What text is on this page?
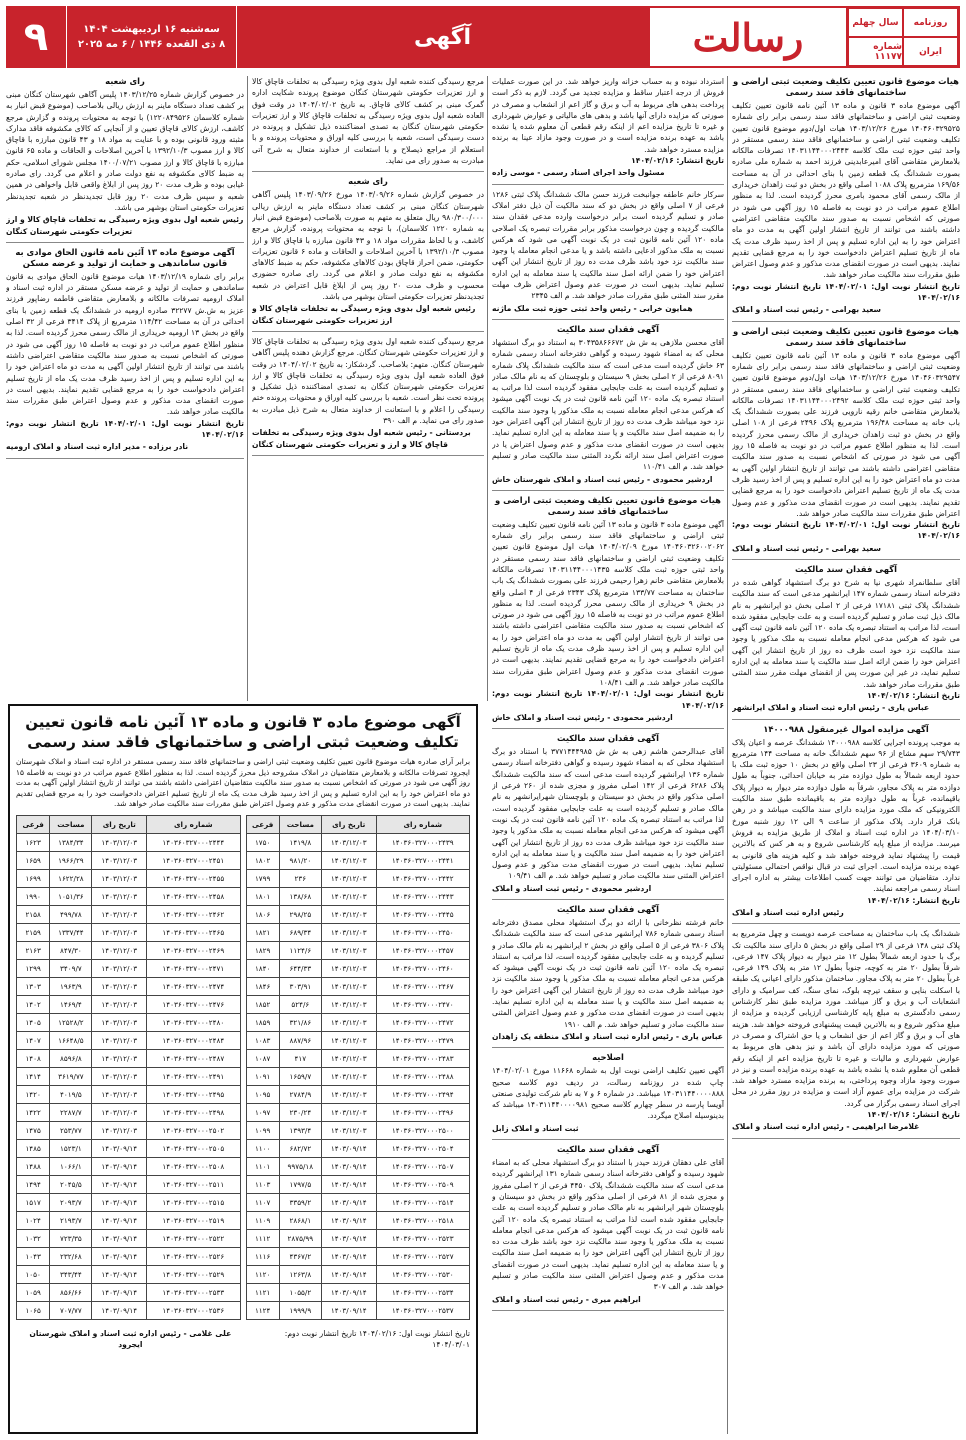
۹	سه‌شنبه ۱۶ اردیبهشت ۱۴۰۴
۸ ذی القعده ۱۴۴۶ / ۶ مه ۲۰۲۵	آگهی	رسالت	روزنامه
سال چهلم
ایران
شماره ۱۱۱۷۷
هیات موضوع قانون تعیین تکلیف وضعیت ثبتی اراضی و ساختمانهای فاقد سند رسمی

آگهی موضوع ماده ۳ قانون و ماده ۱۳ آئین نامه قانون تعیین تکلیف وضعیت ثبتی اراضی و ساختمانهای فاقد سند رسمی برابر رای شماره ۱۴۰۴۶۰۳۲۹۵۲۵ مورخ ۱۴۰۳/۱۲/۲۶ هیات اول/دوم موضوع قانون تعیین تکلیف وضعیت ثبتی اراضی و ساختمانهای فاقد سند رسمی مستقر در واحد ثبتی حوزه ثبت ملک کلاسه ۱۴۰۳۱۱۴۴۰۰۰۲۴۴۳ تصرفات مالکانه بلامعارض متقاضی آقای امیرعابدینی فرزند احمد به شماره ملی صادره بصورت ششدانگ یک قطعه زمین با بنای احداثی در آن به مساحت ۱۶۹/۵۶ مترمربع پلاک ۱۰۸۸ اصلی واقع در بخش دو ثبت زاهدان خریداری از مالک رسمی آقای محمود بامری محرز گردیده است. لذا به منظور اطلاع عموم مراتب در دو نوبت به فاصله ۱۵ روز آگهی می شود در صورتی که اشخاص نسبت به صدور سند مالکیت متقاضی اعتراضی داشته باشند می توانند از تاریخ انتشار اولین آگهی به مدت دو ماه اعتراض خود را به این اداره تسلیم و پس از اخذ رسید ظرف مدت یک ماه از تاریخ تسلیم اعتراض دادخواست خود را به مرجع قضایی تقدیم نمایند. بدیهی است در صورت انقضای مدت مذکور و عدم وصول اعتراض طبق مقررات سند مالکیت صادر خواهد شد.

تاریخ انتشار نوبت اول: ۱۴۰۴/۰۲/۰۱ تاریخ انتشار نوبت دوم: ۱۴۰۴/۰۲/۱۶

سعید بهرامی - رئیس ثبت اسناد و املاک

هیات موضوع قانون تعیین تکلیف وضعیت ثبتی اراضی و ساختمانهای فاقد سند رسمی

آگهی موضوع ماده ۳ قانون و ماده ۱۳ آئین نامه قانون تعیین تکلیف وضعیت ثبتی اراضی و ساختمانهای فاقد سند رسمی برابر رای شماره ۱۴۰۴۶۰۳۲۹۵۴۷ مورخ ۱۴۰۳/۱۲/۲۶ هیات اول/دوم موضوع قانون تعیین تکلیف وضعیت ثبتی اراضی و ساختمانهای فاقد سند رسمی مستقر در واحد ثبتی حوزه ثبت ملک کلاسه ۱۴۰۳۱۱۴۴۰۰۰۲۴۹۲ تصرفات مالکانه بلامعارض متقاضی خانم رقیه نارویی فرزند علی بصورت ششدانگ یک باب خانه به مساحت ۱۹۶/۴۸ مترمربع پلاک ۲۴۹۶ فرعی از ۱۰۸ اصلی واقع در بخش دو ثبت زاهدان خریداری از مالک رسمی محرز گردیده است. لذا به منظور اطلاع عموم مراتب در دو نوبت به فاصله ۱۵ روز آگهی می شود در صورتی که اشخاص نسبت به صدور سند مالکیت متقاضی اعتراضی داشته باشند می توانند از تاریخ انتشار اولین آگهی به مدت دو ماه اعتراض خود را به این اداره تسلیم و پس از اخذ رسید ظرف مدت یک ماه از تاریخ تسلیم اعتراض دادخواست خود را به مرجع قضایی تقدیم نمایند. بدیهی است در صورت انقضای مدت مذکور و عدم وصول اعتراض طبق مقررات سند مالکیت صادر خواهد شد.

تاریخ انتشار نوبت اول: ۱۴۰۴/۰۲/۰۱ تاریخ انتشار نوبت دوم: ۱۴۰۴/۰۲/۱۶

سعید بهرامی - رئیس ثبت اسناد و املاک

آگهی فقدان سند مالکیت

آقای سلطانمراد شهری نیا به شرح دو برگ استشهاد گواهی شده در دفترخانه اسناد رسمی شماره ۱۴۷ ایرانشهر مدعی است که سند مالکیت ششدانگ پلاک ثبتی ۱۷۱۸۱ فرعی از ۲ اصلی بخش دو ایرانشهر به نام مالک ذیل ثبت صادر و تسلیم گردیده است و به علت جابجایی مفقود شده است، لذا مراتب به استناد تبصره یک ماده ۱۲۰ آئین نامه قانون ثبت آگهی می شود که هرکس مدعی انجام معامله نسبت به ملک مذکور یا وجود سند مالکیت نزد خود است ظرف ده روز از تاریخ انتشار این آگهی اعتراض خود را ضمن ارائه اصل سند مالکیت یا سند معامله به این اداره تسلیم نماید، در غیر این صورت پس از انقضای مهلت مقرر سند المثنی طبق مقررات صادر خواهد شد.

تاریخ انتشار: ۱۴۰۴/۰۲/۱۶

عباس یاری - رئیس اداره ثبت اسناد و املاک ایرانشهر

آگهی مزایده اموال غیرمنقول ۱۴۰۰۰۹۸۸

به موجب پرونده اجرایی کلاسه ۱۴۰۰۰۹۸۸ ششدانگ عرصه و اعیان پلاک ۲۹/۷۴۳ سهم مشاع از ۹۶ سهم ششدانگ خانه به مساحت ۱۴۴ مترمربع به شماره ۳۶۰۹ فرعی از ۲۳ اصلی واقع در بخش ۱۰ حوزه ثبت ملک با حدود اربعه شمالاً به طول دوازده متر به خیابان احداثی، جنوباً به طول دوازده متر به پلاک مجاور، شرقاً به طول دوازده متر دیوار به دیوار پلاک باقیمانده، غرباً به طول دوازده متر به باقیمانده طبق سند مالکیت الکترونیکی که ملک مورد مزایده دارای سند مالکیت میباشد و در رهن بانک قرار دارد. پلاک مذکور از ساعت ۹ الی ۱۲ روز شنبه مورخ ۱۴۰۴/۰۳/۱۰ در اداره ثبت اسناد و املاک از طریق مزایده به فروش میرسد. مزایده از مبلغ پایه کارشناسی شروع و به هر کس که بالاترین قیمت را پیشنهاد نماید فروخته خواهد شد و کلیه هزینه های قانونی به عهده برنده مزایده است. اجرای ثبت در قبال نواقص احتمالی مسئولیتی ندارد. متقاضیان می توانند جهت کسب اطلاعات بیشتر به اداره اجرای اسناد رسمی مراجعه نمایند.

تاریخ انتشار: ۱۴۰۴/۰۲/۱۶

رئیس اداره ثبت اسناد و املاک

ششدانگ یک باب ساختمان به مساحت عرصه دویست و چهل مترمربع به پلاک ثبتی ۱۴۸ فرعی از ۲۹ اصلی واقع در بخش ۵ دارای سند مالکیت تک برگ با حدود اربعه شمالاً بطول ۱۲ متر دیوار به دیوار پلاک ۱۴۷ فرعی، شرقاً بطول ۲۰ متر به کوچه، جنوباً بطول ۱۲ متر به پلاک ۱۴۹ فرعی، غرباً بطول ۲۰ متر به پلاک مجاور. ساختمان مذکور دارای اعیانی یک طبقه با اسکلت بنایی و سقف تیرچه بلوک، نمای سنگ، کف سرامیک و دارای انشعابات آب و برق و گاز میباشد. مورد مزایده طبق نظر کارشناس رسمی دادگستری به مبلغ پایه کارشناسی ارزیابی گردیده و مزایده از مبلغ مذکور شروع و به بالاترین قیمت پیشنهادی فروخته خواهد شد. هزینه های آب و برق و گاز اعم از حق انشعاب و یا حق اشتراک و مصرف در صورتی که مورد مزایده دارای آن باشد و نیز بدهی های مربوط به عوارض شهرداری و مالیات و غیره تا تاریخ مزایده اعم از اینکه رقم قطعی آن معلوم شده یا نشده باشد به عهده برنده مزایده است و نیز در صورت وجود مازاد وجوه پرداختی، به برنده مزایده مسترد خواهد شد. شرکت در مزایده برای عموم آزاد است و مزایده در روز مقرر در محل اجرای اسناد رسمی برگزار می گردد.

تاریخ انتشار: ۱۴۰۴/۰۲/۱۶

غلامرضا ابراهیمی - رئیس اداره ثبت اسناد و املاک

استرداد نبوده و به حساب خزانه واریز خواهد شد. در این صورت عملیات فروش از درجه اعتبار ساقط و مزایده تجدید می گردد. لازم به ذکر است پرداخت بدهی های مربوط به آب و برق و گاز اعم از انشعاب و مصرف در صورتی که مزایده دارای آنها باشد و بدهی های مالیاتی و عوارض شهرداری و غیره تا تاریخ مزایده اعم از اینکه رقم قطعی آن معلوم شده یا نشده باشد به عهده برنده مزایده است و در صورت وجود مازاد عینا به برنده مزایده مسترد خواهد شد.

تاریخ انتشار: ۱۴۰۴/۰۲/۱۶

مسئول واحد اجرای اسناد رسمی - موسی زاده

سرکار خانم عاطفه جوانبخت فرزند حسن مالک ششدانگ پلاک ثبتی ۱۲۸۶ فرعی از ۷ اصلی واقع در بخش دو که سند مالکیت آن ذیل دفتر املاک صادر و تسلیم گردیده است برابر درخواست وارده مدعی فقدان سند مالکیت گردیده و چون درخواست مذکور برابر مقررات تبصره یک اصلاحی ماده ۱۲۰ آئین نامه قانون ثبت در یک نوبت آگهی می شود که هرکس نسبت به ملک مذکور ادعایی داشته باشد و یا مدعی انجام معامله یا وجود سند مالکیت نزد خود باشد ظرف مدت ده روز از تاریخ انتشار این آگهی اعتراض خود را ضمن ارائه اصل سند مالکیت یا سند معامله به این اداره تسلیم نماید. بدیهی است در صورت عدم وصول اعتراض ظرف مهلت مقرر سند المثنی طبق مقررات صادر خواهد شد. م الف ۲۳۴۵

همایون خرابی - رئیس واحد ثبتی حوزه ثبت ملک ماژنه

آگهی فقدان سند مالکیت

آقای محسن ملازهی به ش ش ۳۰۴۳۵۸۶۶۶۷۲ به استناد دو برگ استشهاد محلی که به امضاء شهود رسیده و گواهی دفترخانه اسناد رسمی شماره ۶۳ خاش گردیده است مدعی است که سند مالکیت ششدانگ پلاک شماره ۸۰۹۱ فرعی از ۲ اصلی بخش ۹ سیستان و بلوچستان که به نام مالک صادر و تسلیم گردیده است به علت جابجایی مفقود گردیده است لذا مراتب به استناد تبصره یک ماده ۱۲۰ آئین نامه قانون ثبت در یک نوبت آگهی میشود که هرکس مدعی انجام معامله نسبت به ملک مذکور یا وجود سند مالکیت نزد خود میباشد ظرف مدت ده روز از تاریخ انتشار این آگهی اعتراض خود را به ضمیمه اصل سند مالکیت و یا سند معامله به این اداره تسلیم نماید. بدیهی است در صورت انقضای مدت مذکور و عدم وصول اعتراض یا در صورت اعتراض اصل سند ارائه نگردد المثنی سند مالکیت صادر و تسلیم خواهد شد. م الف ۱۱۰/۴۱

اردشیر محمودی - رئیس ثبت اسناد و املاک شهرستان خاش

هیات موضوع قانون تعیین تکلیف وضعیت ثبتی اراضی و ساختمانهای فاقد سند رسمی

آگهی موضوع ماده ۳ قانون و ماده ۱۳ آئین نامه قانون تعیین تکلیف وضعیت ثبتی اراضی و ساختمانهای فاقد سند رسمی برابر رای شماره ۱۴۰۴۶۰۳۲۶۰۰۲۰۶۲ مورخ ۱۴۰۴/۰۲/۰۹ هیات اول موضوع قانون تعیین تکلیف وضعیت ثبتی اراضی و ساختمانهای فاقد سند رسمی مستقر در واحد ثبتی حوزه ثبت ملک کلاسه ۱۴۰۳۱۱۴۴۰۰۰۱۴۳۵ تصرفات مالکانه بلامعارض متقاضی خانم زهرا رحیمی فرزند علی بصورت ششدانگ یک باب ساختمان به مساحت ۱۳۳/۷۷ مترمربع پلاک ۲۳۴۳ فرعی از ۴ اصلی واقع در بخش ۹ خریداری از مالک رسمی محرز گردیده است. لذا به منظور اطلاع عموم مراتب در دو نوبت به فاصله ۱۵ روز آگهی می شود در صورتی که اشخاص نسبت به صدور سند مالکیت متقاضی اعتراضی داشته باشند می توانند از تاریخ انتشار اولین آگهی به مدت دو ماه اعتراض خود را به این اداره تسلیم و پس از اخذ رسید ظرف مدت یک ماه از تاریخ تسلیم اعتراض دادخواست خود را به مرجع قضایی تقدیم نمایند. بدیهی است در صورت انقضای مدت مذکور و عدم وصول اعتراض طبق مقررات سند مالکیت صادر خواهد شد. م الف ۱۰۸/۴۱

تاریخ انتشار نوبت اول: ۱۴۰۴/۰۲/۰۱ تاریخ انتشار نوبت دوم: ۱۴۰۴/۰۲/۱۶

اردشیر محمودی - رئیس ثبت اسناد و املاک خاش

آگهی فقدان سند مالکیت

آقای عبدالرحمن هاشم زهی به ش ش ۳۷۷۱۴۴۴۹۸۵ با استناد دو برگ استشهاد محلی که به امضاء شهود رسیده و گواهی دفترخانه اسناد رسمی شماره ۱۳۶ ایرانشهر گردیده است مدعی است که سند مالکیت ششدانگ پلاک ۶۲۸۶ فرعی از ۱۴۲ اصلی مفروز و مجزی شده از ۲۶۰ فرعی از اصلی مذکور واقع در بخش دو سیستان و بلوچستان شهرایرانشهر به نام مالک صادر و تسلیم گردیده است به علت جابجایی مفقود گردیده است، لذا مراتب به استناد تبصره یک ماده ۱۲۰ آئین نامه قانون ثبت در یک نوبت آگهی میشود که هرکس مدعی انجام معامله نسبت به ملک مذکور یا وجود سند مالکیت نزد خود میباشد ظرف مدت ده روز از تاریخ انتشار این آگهی اعتراض خود را به ضمیمه اصل سند مالکیت و یا سند معامله به این اداره تسلیم نماید. بدیهی است در صورت انقضای مدت مذکور و عدم وصول اعتراض المثنی سند مالکیت صادر و تسلیم خواهد شد. م الف ۱۰۹/۴۱

اردشیر محمودی - رئیس ثبت اسناد و املاک

آگهی فقدان سند مالکیت

خانم فرشته نظرخانی با ارائه دو برگ استشهاد محلی مصدق دفترخانه اسناد رسمی شماره ۷۸۶ ایرانشهر مدعی است که سند مالکیت ششدانگ پلاک ۳۸۰۶ فرعی از ۵ اصلی واقع در بخش ۲ ایرانشهر به نام مالک صادر و تسلیم گردیده و به علت جابجایی مفقود گردیده است، لذا مراتب به استناد تبصره یک ماده ۱۲۰ آئین نامه قانون ثبت در یک نوبت آگهی میشود که هرکس مدعی انجام معامله نسبت به ملک مذکور یا وجود سند مالکیت نزد خود میباشد ظرف مدت ده روز از تاریخ انتشار این آگهی اعتراض خود را به ضمیمه اصل سند مالکیت و یا سند معامله به این اداره تسلیم نماید. بدیهی است در صورت انقضای مدت مذکور و عدم وصول اعتراض المثنی سند مالکیت صادر و تسلیم خواهد شد. م الف ۱۹۱۰

عباس یاری - رئیس اداره ثبت اسناد و املاک منطقه یک زاهدان

اصلاحیه

آگهی تعیین تکلیف اراضی نوبت اول به شماره ۱۱۶۶۸ مورخ ۱۴۰۴/۰۲/۰۱ چاپ شده در روزنامه رسالت، در ردیف دوم کلاسه صحیح ۱۴۰۳۱۱۴۴۰۰۰۰۸۸۸ میباشد. در شماره ۶ و ۷ به نام شرکت تولیدی صنعتی آویسا پارسه در سطر چهارم کلاسه صحیح ۱۴۰۳۱۱۴۴۰۰۰۰۹۸۱ میباشد که بدینوسیله اصلاح میگردد.

ثبت اسناد و املاک زابل

آگهی فقدان سند مالکیت

آقای علی دهقان فرزند حیدر با استناد دو برگ استشهاد محلی که به امضاء شهود رسیده و گواهی دفترخانه اسناد رسمی شماره ۱۳۱ ایرانشهر گردیده مدعی است که سند مالکیت ششدانگ پلاک ۴۴۵۰ فرعی از ۲ اصلی مفروز و مجزی شده از ۸۱ فرعی از اصلی مذکور واقع در بخش دو سیستان و بلوچستان شهر ایرانشهر به نام مالک صادر و تسلیم گردیده است به علت جابجایی مفقود شده است لذا مراتب به استناد تبصره یک ماده ۱۲۰ آئین نامه قانون ثبت در یک نوبت آگهی میشود که هرکس مدعی انجام معامله نسبت به ملک مذکور یا وجود سند مالکیت نزد خود باشد ظرف مدت ده روز از تاریخ انتشار این آگهی اعتراض خود را به ضمیمه اصل سند مالکیت و یا سند معامله به این اداره تسلیم نماید. بدیهی است در صورت انقضای مدت مذکور و عدم وصول اعتراض المثنی سند مالکیت صادر و تسلیم خواهد شد. م الف ۳۰۷

ابراهیم میری - رئیس ثبت اسناد و املاک

مرجع رسیدگی کننده شعبه اول بدوی ویژه رسیدگی به تخلفات قاچاق کالا و ارز تعزیرات حکومتی شهرستان کنگان موضوع پرونده شکایت اداره گمرک مبنی بر کشف کالای قاچاق. به تاریخ ۱۴۰۴/۰۲/۰۲ در وقت فوق العاده شعبه اول بدوی ویژه رسیدگی به تخلفات قاچاق کالا و ارز تعزیرات حکومتی شهرستان کنگان به تصدی امضاکننده ذیل تشکیل و پرونده در دست رسیدگی است، شعبه با بررسی کلیه اوراق و محتویات پرونده و با استعلام از مراجع ذیصلاح و با استعانت از خداوند متعال به شرح آتی مبادرت به صدور رای می نماید.

رای شعبه

در خصوص گزارش شماره ۱۴۰۳/۰۹/۲۶ مورخ ۱۴۰۳/۰۹/۲۶ پلیس آگاهی شهرستان کنگان مبنی بر کشف تعداد دستگاه ماینر به ارزش ریالی ۹۸۰/۳۰۰/۰۰۰ ریال متعلق به متهم به صورت بلاصاحب (موضوع قبض انبار به شماره ۱۲۲۰ کلاسمان)، با توجه به محتویات پرونده، گزارش مرجع کاشف، و با لحاظ مقررات مواد ۱۸ و ۴۳ قانون مبارزه با قاچاق کالا و ارز مصوب ۱۳۹۲/۱۰/۳ با آخرین اصلاحات و الحاقات و ماده ۶ قانون تعزیرات حکومتی، ضمن احراز قاچاق بودن کالاهای مکشوفه، حکم به ضبط کالاهای مکشوفه به نفع دولت صادر و اعلام می گردد. رای صادره حضوری محسوب و ظرف مدت ۲۰ روز پس از ابلاغ قابل اعتراض در شعبه تجدیدنظر تعزیرات حکومتی استان بوشهر می باشد.

رئیس شعبه اول بدوی ویژه رسیدگی به تخلفات قاچاق کالا و ارز تعزیرات حکومتی شهرستان کنگان

مرجع رسیدگی کننده شعبه اول بدوی ویژه رسیدگی به تخلفات قاچاق کالا و ارز تعزیرات حکومتی شهرستان کنگان. مرجع گزارش دهنده پلیس آگاهی شهرستان کنگان. متهم: بلاصاحب. گردشکار: به تاریخ ۱۴۰۴/۰۲/۰۲ در وقت فوق العاده شعبه اول بدوی ویژه رسیدگی به تخلفات قاچاق کالا و ارز تعزیرات حکومتی شهرستان کنگان به تصدی امضاکننده ذیل تشکیل و پرونده تحت نظر است. شعبه با بررسی کلیه اوراق و محتویات پرونده ختم رسیدگی را اعلام و با استعانت از خداوند متعال به شرح ذیل مبادرت به صدور رای می نماید. م الف ۳۹۰

بردستانی - رئیس شعبه اول بدوی ویژه رسیدگی به تخلفات قاچاق کالا و ارز و تعزیرات حکومتی شهرستان کنگان

رای شعبه

در خصوص گزارش شماره ۱۴۰۳/۱۲/۲۵ پلیس آگاهی شهرستان کنگان مبنی بر کشف تعداد دستگاه ماینر به ارزش ریالی بلاصاحب (موضوع قبض انبار به شماره کلاسمان ۱۲۲۰۸۴۹۵۲۶) با توجه به محتویات پرونده و گزارش مرجع کاشف، ارزش کالای قاچاق تعیین و از آنجایی که کالای مکشوفه فاقد مدارک مثبته ورود قانونی بوده و با عنایت به مواد ۱۸ و ۴۳ قانون مبارزه با قاچاق کالا و ارز مصوب ۱۳۹۲/۱۰/۳ با آخرین اصلاحات و الحاقات و ماده ۶۵ قانون مبارزه با قاچاق کالا و ارز مصوب ۱۴۰۰/۰۷/۲۱ مجلس شورای اسلامی، حکم به ضبط کالای مکشوفه به نفع دولت صادر و اعلام می گردد. رای صادره غیابی بوده و ظرف مدت ۲۰ روز پس از ابلاغ واقعی قابل واخواهی در همین شعبه و سپس ظرف مدت ۲۰ روز قابل تجدیدنظر در شعبه تجدیدنظر تعزیرات حکومتی استان بوشهر می باشد.

رئیس شعبه اول بدوی ویژه رسیدگی به تخلفات قاچاق کالا و ارز تعزیرات حکومتی شهرستان کنگان

آگهی موضوع ماده ۱۳ آئین نامه قانون الحاق موادی به قانون ساماندهی و حمایت از تولید و عرضه مسکن

برابر رای شماره ۱۴۰۳/۱۲/۱۹ هیات موضوع قانون الحاق موادی به قانون ساماندهی و حمایت از تولید و عرضه مسکن مستقر در اداره ثبت اسناد و املاک ارومیه تصرفات مالکانه و بلامعارض متقاضی فاطمه رضاپور فرزند عزیز به ش.ش ۳۲۲۷۷ صادره ارومیه در ششدانگ یک قطعه زمین با بنای احداثی در آن به مساحت ۱۱۴/۴۲ مترمربع از پلاک ۳۴۱۴ فرعی از ۳۲ اصلی واقع در بخش ۱۳ ارومیه خریداری از مالک رسمی محرز گردیده است. لذا به منظور اطلاع عموم مراتب در دو نوبت به فاصله ۱۵ روز آگهی می شود در صورتی که اشخاص نسبت به صدور سند مالکیت متقاضی اعتراضی داشته باشند می توانند از تاریخ انتشار اولین آگهی به مدت دو ماه اعتراض خود را به این اداره تسلیم و پس از اخذ رسید ظرف مدت یک ماه از تاریخ تسلیم اعتراض دادخواست خود را به مرجع قضایی تقدیم نمایند. بدیهی است در صورت انقضای مدت مذکور و عدم وصول اعتراض طبق مقررات سند مالکیت صادر خواهد شد.

تاریخ انتشار نوبت اول: ۱۴۰۴/۰۲/۰۱ تاریخ انتشار نوبت دوم: ۱۴۰۴/۰۲/۱۶

نادر برزاده - مدیر اداره ثبت اسناد و املاک ارومیه

آگهی موضوع ماده ۳ قانون و ماده ۱۳ آئین نامه قانون تعیین تکلیف وضعیت ثبتی اراضی و ساختمانهای فاقد سند رسمی

برابر آرای صادره هیات موضوع قانون تعیین تکلیف وضعیت ثبتی اراضی و ساختمانهای فاقد سند رسمی مستقر در اداره ثبت اسناد و املاک شهرستان ایجرود تصرفات مالکانه و بلامعارض متقاضیان در املاک مشروحه ذیل محرز گردیده است. لذا به منظور اطلاع عموم مراتب در دو نوبت به فاصله ۱۵ روز آگهی می شود در صورتی که اشخاص نسبت به صدور سند مالکیت متقاضیان اعتراضی داشته باشند می توانند از تاریخ انتشار اولین آگهی به مدت دو ماه اعتراض خود را به این اداره تسلیم و پس از اخذ رسید ظرف مدت یک ماه از تاریخ تسلیم اعتراض دادخواست خود را به مرجع قضایی تقدیم نمایند. بدیهی است در صورت انقضای مدت مذکور و عدم وصول اعتراض طبق مقررات سند مالکیت صادر خواهد شد.

شماره رای	تاریخ رای	مساحت	فرعی		شماره رای	تاریخ رای	مساحت	فرعی
۱۴۰۳۶۰۳۲۷۰۰۰۲۴۳۹	۱۴۰۳/۱۲/۰۳	۱۴۱۹/۸	۱۷۵۰		۱۴۰۳۶۰۳۲۷۰۰۰۲۴۴۴	۱۴۰۳/۱۲/۰۳	۱۳۸۴/۳۴	۱۶۲۳
۱۴۰۳۶۰۳۲۷۰۰۰۲۴۴۱	۱۴۰۳/۱۲/۰۳	۹۸۱/۲۰	۱۸۰۲		۱۴۰۳۶۰۳۲۷۰۰۰۲۴۵۱	۱۴۰۳/۱۲/۰۳	۱۹۶۶/۲۹	۱۶۵۹
۱۴۰۳۶۰۳۲۷۰۰۰۲۴۴۲	۱۴۰۳/۱۲/۰۳	۲۳۶	۱۷۹۹		۱۴۰۳۶۰۳۲۷۰۰۰۲۴۵۵	۱۴۰۳/۱۲/۰۳	۱۶۲۲/۲۸	۱۶۹۹
۱۴۰۳۶۰۳۲۷۰۰۰۲۴۴۳	۱۴۰۳/۱۲/۰۳	۱۳۸/۶۸	۱۸۰۱		۱۴۰۳۶۰۳۲۷۰۰۰۲۴۵۸	۱۴۰۳/۱۲/۰۳	۱۰۵۱/۳۶	۱۹۹۰
۱۴۰۳۶۰۳۲۷۰۰۰۲۴۴۵	۱۴۰۳/۱۲/۰۳	۲۹۸/۲۵	۱۸۰۶		۱۴۰۳۶۰۳۲۷۰۰۰۲۴۶۲	۱۴۰۳/۱۲/۰۳	۴۹۹/۷۸	۲۱۵۸
۱۴۰۳۶۰۳۲۷۰۰۰۲۴۵۰	۱۴۰۳/۱۲/۰۳	۶۸۹/۳۴	۱۸۲۱		۱۴۰۳۶۰۳۲۷۰۰۰۲۴۶۵	۱۴۰۳/۱۲/۰۳	۱۳۳۷/۴۴	۲۱۵۹
۱۴۰۳۶۰۳۲۷۰۰۰۲۴۵۷	۱۴۰۳/۱۲/۰۳	۱۱۲۴/۶	۱۸۲۹		۱۴۰۳۶۰۳۲۷۰۰۰۲۴۶۹	۱۴۰۳/۱۲/۰۳	۸۴۷/۳۰	۲۱۶۳
۱۴۰۳۶۰۳۲۷۰۰۰۲۴۶۰	۱۴۰۳/۱۲/۰۳	۶۴۴/۳۳	۱۸۴۰		۱۴۰۳۶۰۳۲۷۰۰۰۲۴۷۱	۱۴۰۳/۱۲/۰۳	۳۴۰۹/۷	۱۲۹۹
۱۴۰۳۶۰۳۲۷۰۰۰۲۴۶۷	۱۴۰۳/۱۲/۰۳	۳۰۳/۹۱	۱۸۴۶		۱۴۰۳۶۰۳۲۷۰۰۰۲۴۷۴	۱۴۰۳/۱۲/۰۳	۱۹۶۳/۹	۱۳۰۳
۱۴۰۳۶۰۳۲۷۰۰۰۲۴۷۰	۱۴۰۳/۱۲/۰۳	۵۲۴/۶	۱۸۵۲		۱۴۰۳۶۰۳۲۷۰۰۰۲۴۷۶	۱۴۰۳/۱۲/۰۳	۱۴۶۹/۴	۱۴۰۲
۱۴۰۳۶۰۳۲۷۰۰۰۲۴۷۲	۱۴۰۳/۱۲/۰۳	۳۲۱/۸۶	۱۸۵۹		۱۴۰۳۶۰۳۲۷۰۰۰۲۴۸۰	۱۴۰۳/۱۲/۰۳	۱۲۵۲۸/۲	۱۴۰۵
۱۴۰۳۶۰۳۲۷۰۰۰۲۴۷۹	۱۴۰۳/۱۲/۰۳	۸۸۷/۹۶	۱۰۸۳		۱۴۰۳۶۰۳۲۷۰۰۰۲۴۸۴	۱۴۰۳/۱۲/۰۳	۱۶۶۴۸/۵	۱۴۰۷
۱۴۰۳۶۰۳۲۷۰۰۰۲۴۸۳	۱۴۰۳/۱۲/۰۳	۴۱۷	۱۰۸۷		۱۴۰۳۶۰۳۲۷۰۰۰۲۴۸۷	۱۴۰۳/۱۲/۰۳	۸۵۹۶/۸	۱۴۰۸
۱۴۰۳۶۰۳۲۷۰۰۰۲۴۸۸	۱۴۰۳/۱۲/۰۳	۱۶۵۹/۷	۱۰۹۱		۱۴۰۳۶۰۳۲۷۰۰۰۲۴۹۱	۱۴۰۳/۱۲/۰۳	۳۶۱۹/۷۷	۱۴۱۴
۱۴۰۳۶۰۳۲۷۰۰۰۲۴۹۴	۱۴۰۳/۱۲/۰۳	۲۷۸۴/۹	۱۰۹۵		۱۴۰۳۶۰۳۲۷۰۰۰۲۴۹۵	۱۴۰۳/۱۲/۰۳	۴۰۱۹/۵	۱۴۲۰
۱۴۰۳۶۰۳۲۷۰۰۰۲۴۹۶	۱۴۰۳/۱۲/۰۳	۲۳۰/۲۴	۱۰۹۷		۱۴۰۳۶۰۳۲۷۰۰۰۲۴۹۸	۱۴۰۳/۱۲/۰۳	۲۲۸۷/۷	۱۴۲۲
۱۴۰۳۶۰۳۲۷۰۰۰۲۵۰۰	۱۴۰۳/۱۲/۰۳	۱۳۹۳/۴	۱۰۹۹		۱۴۰۳۶۰۳۲۷۰۰۰۲۵۰۲	۱۴۰۳/۱۲/۰۳	۲۵۳/۷۷	۱۴۷۵
۱۴۰۳۶۰۳۲۷۰۰۰۲۵۰۴	۱۴۰۳/۰۹/۱۴	۶۸۲/۷۲	۱۱۰۰		۱۴۰۳۶۰۳۲۷۰۰۰۲۵۰۵	۱۴۰۳/۰۹/۱۴	۱۵۲۳/۱	۱۴۸۵
۱۴۰۳۶۰۳۲۷۰۰۰۲۵۰۷	۱۴۰۳/۰۹/۱۴	۹۹۷۵/۱۸	۱۱۰۱		۱۴۰۳۶۰۳۲۷۰۰۰۲۵۰۸	۱۴۰۳/۰۹/۱۴	۱۰۶۶/۱	۱۴۸۸
۱۴۰۳۶۰۳۲۷۰۰۰۲۵۰۹	۱۴۰۳/۰۹/۱۴	۱۷۹۷/۵	۱۱۰۳		۱۴۰۳۶۰۳۲۷۰۰۰۲۵۱۱	۱۴۰۳/۰۹/۱۴	۲۰۴۵/۵	۱۴۹۴
۱۴۰۳۶۰۳۲۷۰۰۰۲۵۱۴	۱۴۰۳/۰۹/۱۴	۳۳۵۹/۲	۱۱۰۷		۱۴۰۳۶۰۳۲۷۰۰۰۲۵۱۵	۱۴۰۳/۰۹/۱۴	۲۰۹۳/۷	۱۵۱۷
۱۴۰۳۶۰۳۲۷۰۰۰۲۵۱۸	۱۴۰۳/۰۹/۱۴	۲۸۶۸/۱	۱۱۰۹		۱۴۰۳۶۰۳۲۷۰۰۰۲۵۱۹	۱۴۰۳/۰۹/۱۴	۲۱۹۳/۷	۱۰۲۴
۱۴۰۳۶۰۳۲۷۰۰۰۲۵۲۳	۱۴۰۳/۰۹/۱۴	۲۸۷۵/۹۹	۱۱۱۲		۱۴۰۳۶۰۳۲۷۰۰۰۲۵۲۲	۱۴۰۳/۰۹/۱۴	۷۲۳/۳۵	۱۰۳۲
۱۴۰۳۶۰۳۲۷۰۰۰۲۵۲۷	۱۴۰۳/۰۹/۱۴	۴۳۶۷/۲	۱۱۱۶		۱۴۰۳۶۰۳۲۷۰۰۰۲۵۲۶	۱۴۰۳/۰۹/۱۴	۲۳۲/۶۸	۱۰۴۳
۱۴۰۳۶۰۳۲۷۰۰۰۲۵۳۰	۱۴۰۳/۰۹/۱۴	۱۲۶۳/۸	۱۱۲۰		۱۴۰۳۶۰۳۲۷۰۰۰۲۵۲۹	۱۴۰۳/۰۹/۱۴	۳۴۳/۴۴	۱۰۵۰
۱۴۰۳۶۰۳۲۷۰۰۰۲۵۳۴	۱۴۰۳/۰۹/۱۴	۱۰۵۵/۲	۱۱۲۱		۱۴۰۳۶۰۳۲۷۰۰۰۲۵۳۳	۱۴۰۳/۰۹/۱۴	۸۵۶/۶۶	۱۰۵۹
۱۴۰۳۶۰۳۲۷۰۰۰۲۵۳۷	۱۴۰۳/۰۹/۱۴	۱۹۹۹/۹	۱۱۲۴		۱۴۰۳۶۰۳۲۷۰۰۰۲۵۳۶	۱۴۰۳/۰۹/۱۴	۷۰۷/۷۷	۱۰۶۵
تاریخ انتشار نوبت اول: ۱۴۰۴/۰۲/۱۶ تاریخ انتشار نوبت دوم: ۱۴۰۴/۰۳/۰۱
علی غلامی - رئیس اداره ثبت اسناد و املاک شهرستان ایجرود
